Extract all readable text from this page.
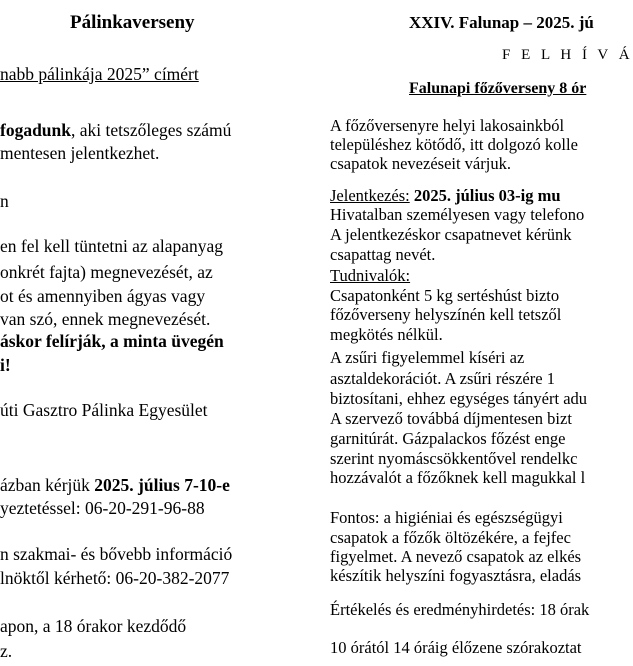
Pálinkaverseny
nabb pálinkája 2025” címért
fogadunk, aki tetszőleges számú
mentesen jelentkezhet.
n
en fel kell tüntetni az alapanyag
onkrét fajta) megnevezését, az
ot és amennyiben ágyas vagy
van szó, ennek megnevezését.
áskor felírják, a minta üvegén
i!
úti Gasztro Pálinka Egyesület
ázban kérjük 2025. július 7-10-e
yeztetéssel: 06-20-291-96-88
n szakmai- és bővebb információ
lnöktől kérhető: 06-20-382-2077
apon, a 18 órakor kezdődő
z.
XXIV. Falunap – 2025. jú
F E L H Í V Á
Falunapi főzőverseny 8 ór
A főzőversenyre helyi lakosainkból
településhez kötődő, itt dolgozó kolle
csapatok nevezéseit várjuk.
Jelentkezés: 2025. július 03-ig mu
Hivatalban személyesen vagy telefono
A jelentkezéskor csapatnevet kérünk
csapattag nevét.
Tudnivalók:
Csapatonként 5 kg sertéshúst bizto
főzőverseny helyszínén kell tetszől
megkötés nélkül.
A zsűri figyelemmel kíséri az
asztaldekorációt. A zsűri részére 1
biztosítani, ehhez egységes tányért adu
A szervező továbbá díjmentesen bizt
garnitúrát. Gázpalackos főzést enge
szerint nyomáscsökkentővel rendelkc
hozzávalót a főzőknek kell magukkal l
Fontos: a higiéniai és egészségügyi
csapatok a főzők öltözékére, a fejfec
figyelmet. A nevező csapatok az elkés
készítik helyszíni fogyasztásra, eladás
Értékelés és eredményhirdetés: 18 órak
10 órától 14 óráig élőzene szórakoztat
